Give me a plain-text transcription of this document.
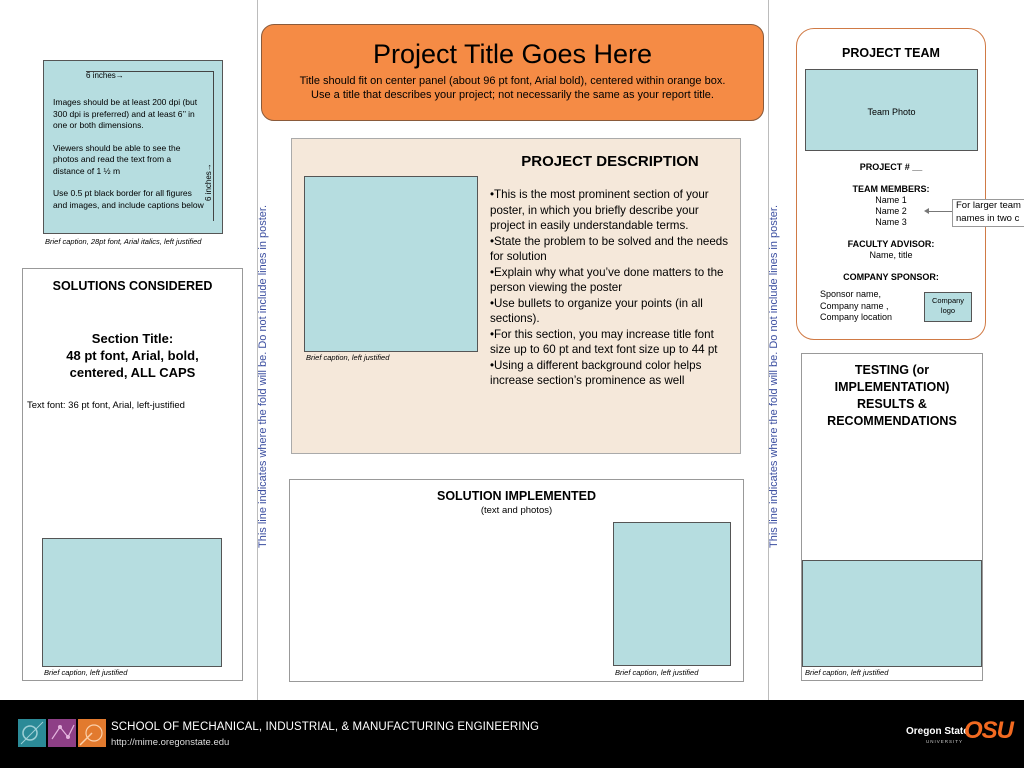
This line indicates where the fold will be. Do not include lines in poster.	This line indicates where the fold will be. Do not include lines in poster.
6 inches→
6 inches→
Images should be at least 200 dpi (but 300 dpi is preferred) and at least 6’’ in one or both dimensions.
Viewers should be able to see the photos and read the text from a distance of 1 ½ m
Use 0.5 pt black border for all figures and images, and include captions below
Brief caption, 28pt font, Arial italics, left justified
SOLUTIONS CONSIDERED
Section Title:
48 pt font, Arial, bold,
centered, ALL CAPS
Text font: 36 pt font, Arial, left-justified
Brief caption, left justified
Project Title Goes Here
Title should fit on center panel (about 96 pt font, Arial bold), centered within orange box.
Use a title that describes your project; not necessarily the same as your report title.
Brief caption, left justified
PROJECT DESCRIPTION
•This is the most prominent section of your poster, in which you briefly describe your project in easily understandable terms.
•State the problem to be solved and the needs for solution
•Explain why what you’ve done matters to the person viewing the poster
•Use bullets to organize your points (in all sections).
•For this section, you may increase title font size up to 60 pt and text font size up to 44 pt
•Using a different background color helps increase section’s prominence as well
SOLUTION IMPLEMENTED
(text and photos)
Brief caption, left justified
PROJECT TEAM
Team Photo
PROJECT # __
TEAM MEMBERS:
Name 1
Name 2
Name 3
FACULTY ADVISOR:
Name, title
COMPANY SPONSOR:
Sponsor name,
Company name ,
Company location
Company
logo
For larger team
names in two c
TESTING (or
IMPLEMENTATION)
RESULTS &
RECOMMENDATIONS
Brief caption, left justified
SCHOOL OF MECHANICAL, INDUSTRIAL, & MANUFACTURING ENGINEERING
http://mime.oregonstate.edu
Oregon State
UNIVERSITY OSU
